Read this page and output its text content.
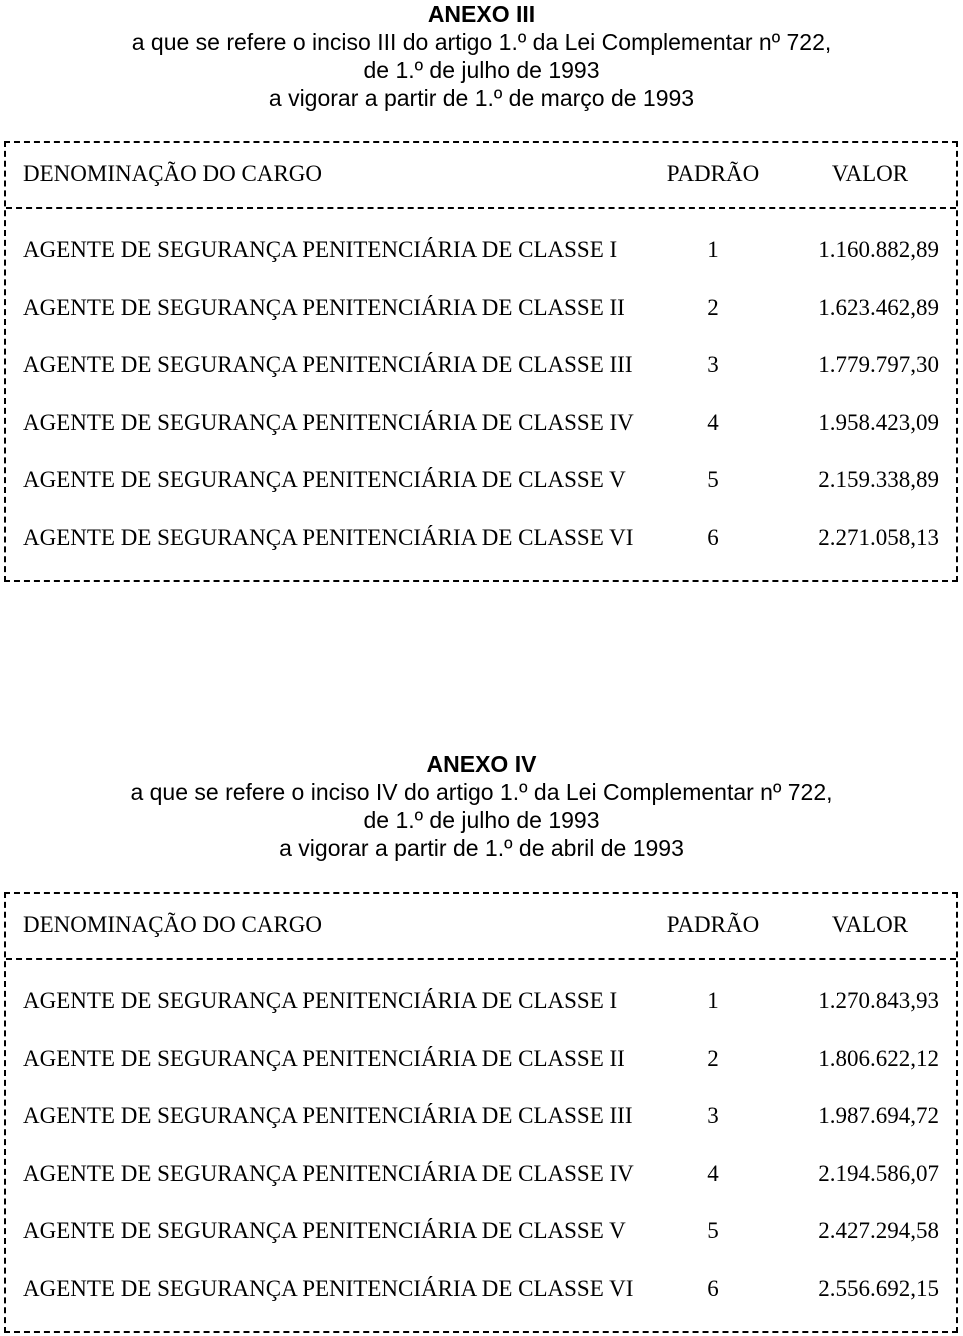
ANEXO III
a que se refere o inciso III do artigo 1.º da Lei Complementar nº 722,
de 1.º de julho de 1993
a vigorar a partir de 1.º de março de 1993
DENOMINAÇÃO DO CARGO	PADRÃO	VALOR
AGENTE DE SEGURANÇA PENITENCIÁRIA DE CLASSE I	1	1.160.882,89
AGENTE DE SEGURANÇA PENITENCIÁRIA DE CLASSE II	2	1.623.462,89
AGENTE DE SEGURANÇA PENITENCIÁRIA DE CLASSE III	3	1.779.797,30
AGENTE DE SEGURANÇA PENITENCIÁRIA DE CLASSE IV	4	1.958.423,09
AGENTE DE SEGURANÇA PENITENCIÁRIA DE CLASSE V	5	2.159.338,89
AGENTE DE SEGURANÇA PENITENCIÁRIA DE CLASSE VI	6	2.271.058,13
ANEXO IV
a que se refere o inciso IV do artigo 1.º da Lei Complementar nº 722,
de 1.º de julho de 1993
a vigorar a partir de 1.º de abril de 1993
DENOMINAÇÃO DO CARGO	PADRÃO	VALOR
AGENTE DE SEGURANÇA PENITENCIÁRIA DE CLASSE I	1	1.270.843,93
AGENTE DE SEGURANÇA PENITENCIÁRIA DE CLASSE II	2	1.806.622,12
AGENTE DE SEGURANÇA PENITENCIÁRIA DE CLASSE III	3	1.987.694,72
AGENTE DE SEGURANÇA PENITENCIÁRIA DE CLASSE IV	4	2.194.586,07
AGENTE DE SEGURANÇA PENITENCIÁRIA DE CLASSE V	5	2.427.294,58
AGENTE DE SEGURANÇA PENITENCIÁRIA DE CLASSE VI	6	2.556.692,15
